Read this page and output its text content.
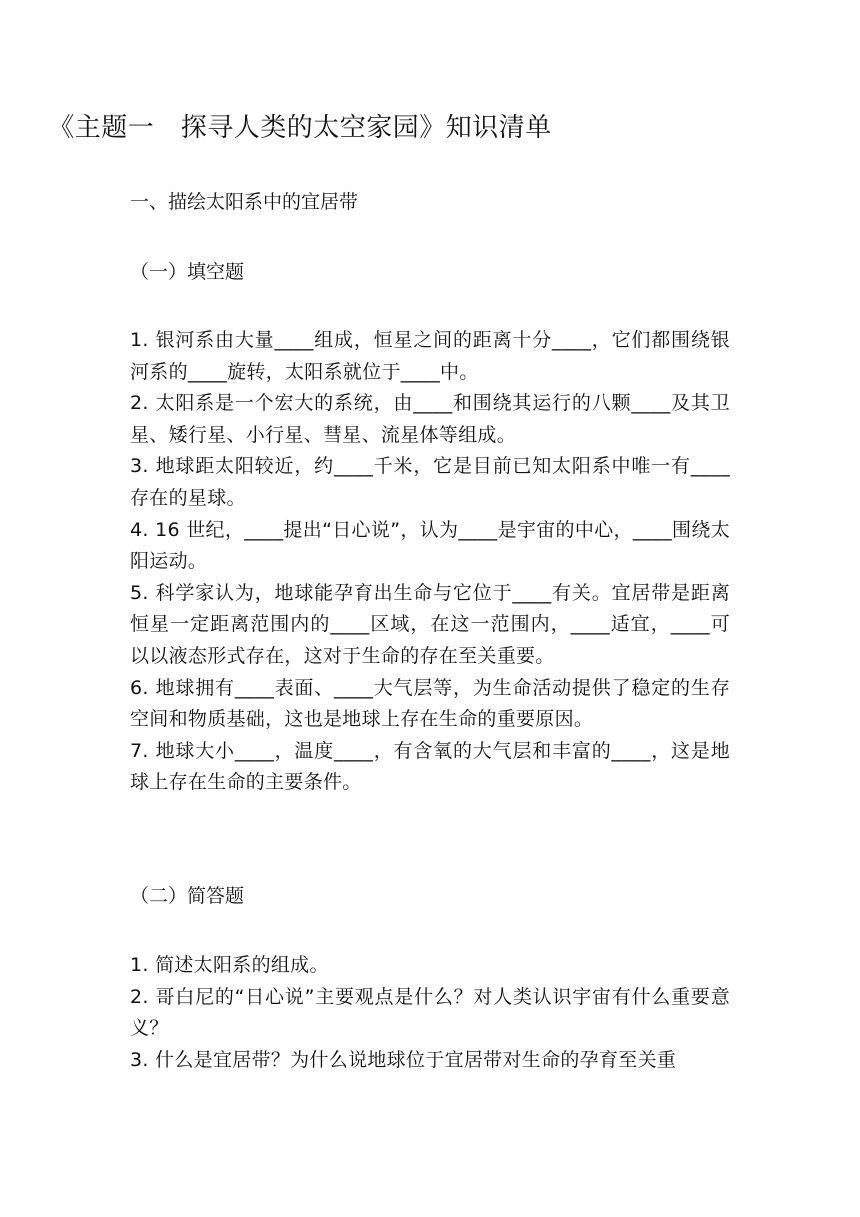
《主题一　探寻人类的太空家园》知识清单
一、描绘太阳系中的宜居带
（一）填空题
1. 银河系由大量____组成，恒星之间的距离十分____，它们都围绕银河系的____旋转，太阳系就位于____中。
2. 太阳系是一个宏大的系统，由____和围绕其运行的八颗____及其卫星、矮行星、小行星、彗星、流星体等组成。
3. 地球距太阳较近，约____千米，它是目前已知太阳系中唯一有____存在的星球。
4. 16 世纪，____提出“日心说”，认为____是宇宙的中心，____围绕太阳运动。
5. 科学家认为，地球能孕育出生命与它位于____有关。宜居带是距离恒星一定距离范围内的____区域，在这一范围内，____适宜，____可以以液态形式存在，这对于生命的存在至关重要。
6. 地球拥有____表面、____大气层等，为生命活动提供了稳定的生存空间和物质基础，这也是地球上存在生命的重要原因。
7. 地球大小____，温度____，有含氧的大气层和丰富的____，这是地球上存在生命的主要条件。
（二）简答题
1. 简述太阳系的组成。
2. 哥白尼的“日心说”主要观点是什么？对人类认识宇宙有什么重要意义？
3. 什么是宜居带？为什么说地球位于宜居带对生命的孕育至关重
